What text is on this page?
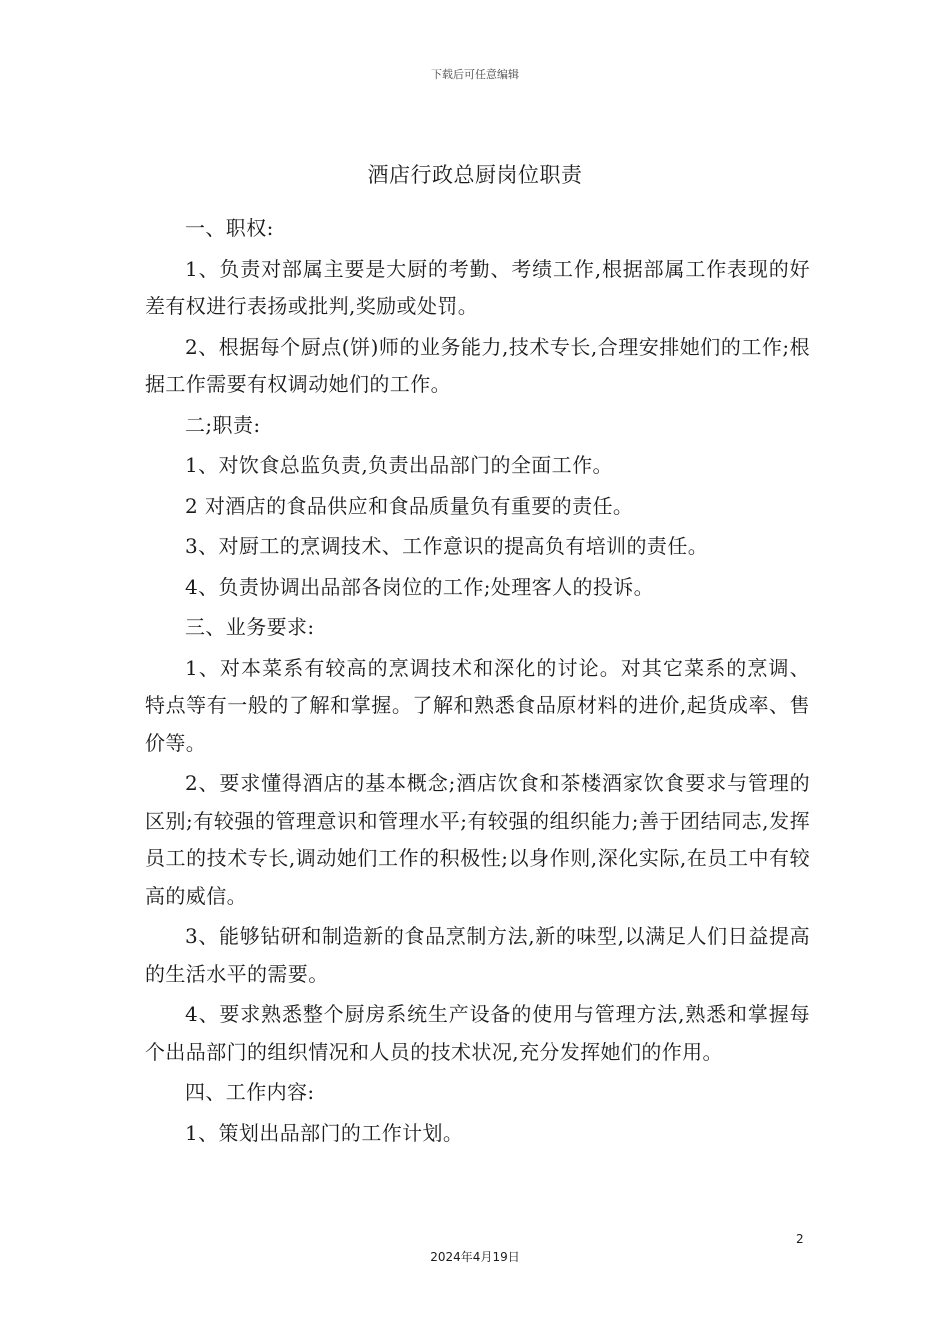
下载后可任意编辑
酒店行政总厨岗位职责

一、职权:

1、负责对部属主要是大厨的考勤、考绩工作,根据部属工作表现的好差有权进行表扬或批判,奖励或处罚。

2、根据每个厨点(饼)师的业务能力,技术专长,合理安排她们的工作;根据工作需要有权调动她们的工作。

二;职责:

1、对饮食总监负责,负责出品部门的全面工作。

2 对酒店的食品供应和食品质量负有重要的责任。

3、对厨工的烹调技术、工作意识的提高负有培训的责任。

4、负责协调出品部各岗位的工作;处理客人的投诉。

三、业务要求:

1、对本菜系有较高的烹调技术和深化的讨论。对其它菜系的烹调、特点等有一般的了解和掌握。了解和熟悉食品原材料的进价,起货成率、售价等。

2、要求懂得酒店的基本概念;酒店饮食和茶楼酒家饮食要求与管理的区别;有较强的管理意识和管理水平;有较强的组织能力;善于团结同志,发挥员工的技术专长,调动她们工作的积极性;以身作则,深化实际,在员工中有较高的威信。

3、能够钻研和制造新的食品烹制方法,新的味型,以满足人们日益提高的生活水平的需要。

4、要求熟悉整个厨房系统生产设备的使用与管理方法,熟悉和掌握每个出品部门的组织情况和人员的技术状况,充分发挥她们的作用。

四、工作内容:

1、策划出品部门的工作计划。

2
2024年4月19日
